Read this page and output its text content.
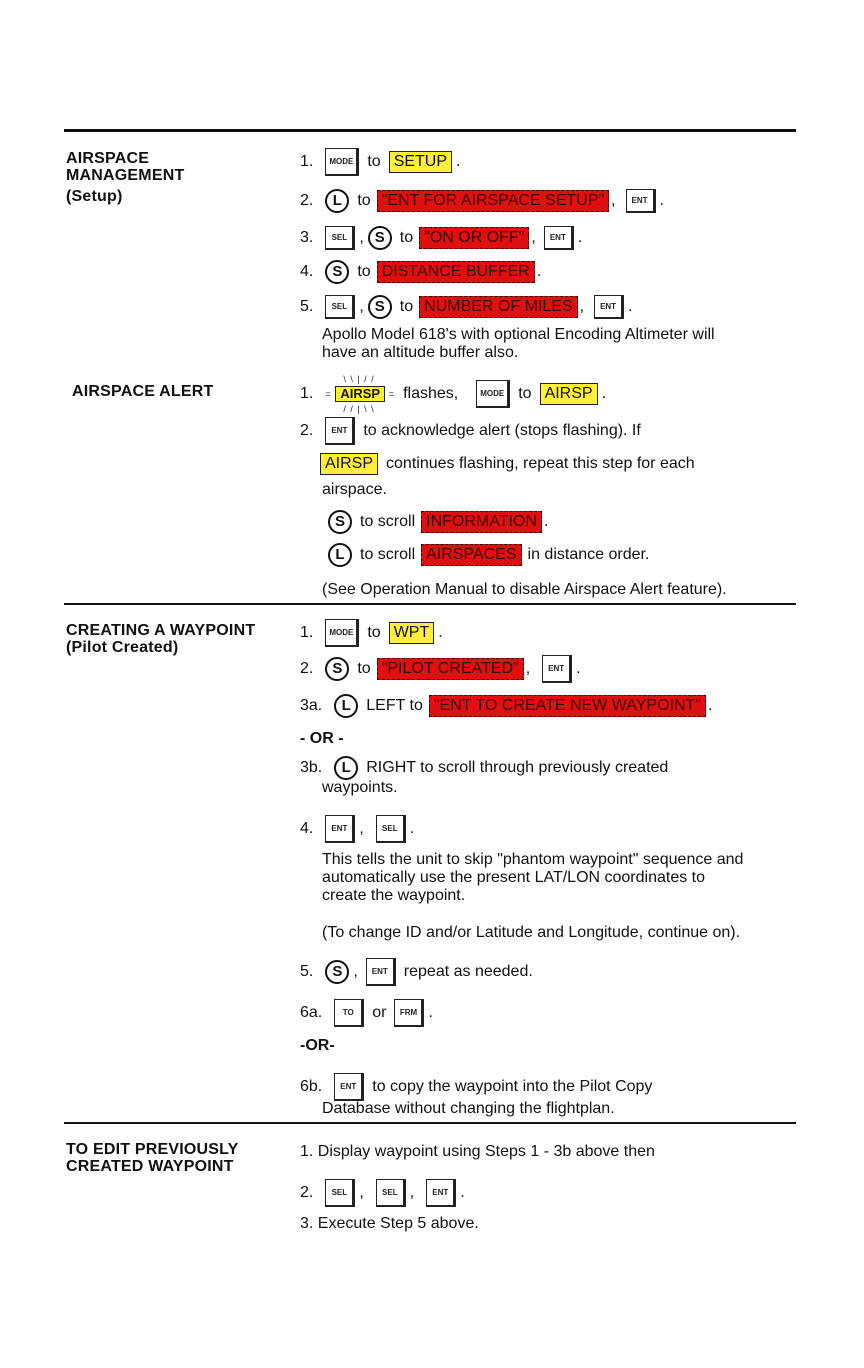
AIRSPACE MANAGEMENT
(Setup)
1.	MODE to SETUP .
2.	L to "ENT FOR AIRSPACE SETUP" ,	ENT .
3.	SEL , S to "ON OR OFF" ,	ENT .
4.	S to DISTANCE BUFFER .
5.	SEL , S to NUMBER OF MILES ,	ENT .
Apollo Model 618's with optional Encoding Altimeter will
have an altitude buffer also.
AIRSPACE ALERT	1.
\ \ | / /
AIRSP
/ / | \ \
=	= flashes,	MODE to AIRSP .
2.	ENT	to acknowledge alert (stops flashing). If
AIRSP continues flashing, repeat this step for each
airspace.
S to scroll INFORMATION .
L to scroll AIRSPACES in distance order.
(See Operation Manual to disable Airspace Alert feature).
CREATING A WAYPOINT
(Pilot Created)
1.	MODE to WPT .
2.	S to "PILOT CREATED" ,	ENT .
3a.	L LEFT to "ENT TO CREATE NEW WAYPOINT" .
- OR -
3b.	L RIGHT to scroll through previously created
waypoints.
4.	ENT ,	SEL .
This tells the unit to skip "phantom waypoint" sequence and
automatically use the present LAT/LON coordinates to
create the waypoint.
(To change ID and/or Latitude and Longitude, continue on).
5.	S ,	ENT	repeat as needed.
6a.	TO	or	FRM .
-OR-
6b.	ENT	to copy the waypoint into the Pilot Copy
Database without changing the flightplan.
TO EDIT PREVIOUSLY
CREATED WAYPOINT
1. Display waypoint using Steps 1 - 3b above then
2.	SEL ,	SEL ,	ENT .
3. Execute Step 5 above.
